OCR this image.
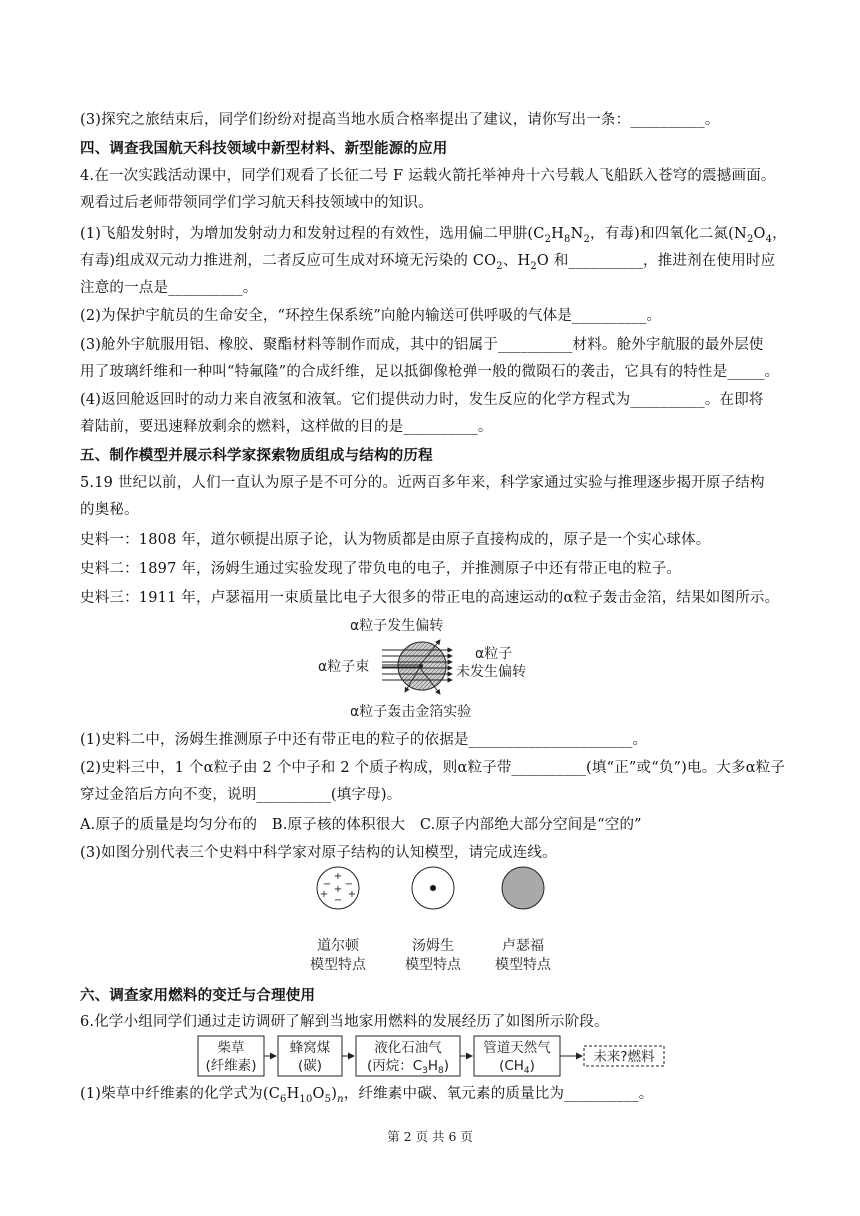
(3)探究之旅结束后，同学们纷纷对提高当地水质合格率提出了建议，请你写出一条：__________。
四、调查我国航天科技领域中新型材料、新型能源的应用
4.在一次实践活动课中，同学们观看了长征二号 F 运载火箭托举神舟十六号载人飞船跃入苍穹的震撼画面。
观看过后老师带领同学们学习航天科技领域中的知识。
(1)飞船发射时，为增加发射动力和发射过程的有效性，选用偏二甲肼($C_2H_8N_2$，有毒)和四氧化二氮($N_2O_4$，
有毒)组成双元动力推进剂，二者反应可生成对环境无污染的 $CO_2$、$H_2O$ 和__________，推进剂在使用时应
注意的一点是__________。
(2)为保护宇航员的生命安全，“环控生保系统”向舱内输送可供呼吸的气体是__________。
(3)舱外宇航服用铝、橡胶、聚酯材料等制作而成，其中的铝属于__________材料。舱外宇航服的最外层使
用了玻璃纤维和一种叫“特氟隆”的合成纤维，足以抵御像枪弹一般的微陨石的袭击，它具有的特性是_____。
(4)返回舱返回时的动力来自液氢和液氧。它们提供动力时，发生反应的化学方程式为__________。在即将
着陆前，要迅速释放剩余的燃料，这样做的目的是__________。
五、制作模型并展示科学家探索物质组成与结构的历程
5.19 世纪以前，人们一直认为原子是不可分的。近两百多年来，科学家通过实验与推理逐步揭开原子结构
的奥秘。
史料一：1808 年，道尔顿提出原子论，认为物质都是由原子直接构成的，原子是一个实心球体。
史料二：1897 年，汤姆生通过实验发现了带负电的电子，并推测原子中还有带正电的粒子。
史料三：1911 年，卢瑟福用一束质量比电子大很多的带正电的高速运动的α粒子轰击金箔，结果如图所示。
α粒子发生偏转
α粒子束
α粒子
未发生偏转
α粒子轰击金箔实验
(1)史料二中，汤姆生推测原子中还有带正电的粒子的依据是______________________。
(2)史料三中，1 个α粒子由 2 个中子和 2 个质子构成，则α粒子带__________(填“正”或“负”)电。大多α粒子
穿过金箔后方向不变，说明__________(填字母)。
A.原子的质量是均匀分布的　B.原子核的体积很大　C.原子内部绝大部分空间是“空的”
(3)如图分别代表三个史料中科学家对原子结构的认知模型，请完成连线。
+
− −
+ +
−
+
道尔顿
模型特点
汤姆生
模型特点
卢瑟福
模型特点
六、调查家用燃料的变迁与合理使用
6.化学小组同学们通过走访调研了解到当地家用燃料的发展经历了如图所示阶段。
柴草
(纤维素)
蜂窝煤
(碳)
液化石油气
(丙烷：$C_3H_8$)
管道天然气
$(CH_4)$
未来?燃料
(1)柴草中纤维素的化学式为$(C_6H_{10}O_5)_n$，纤维素中碳、氧元素的质量比为__________。
第 2 页 共 6 页
